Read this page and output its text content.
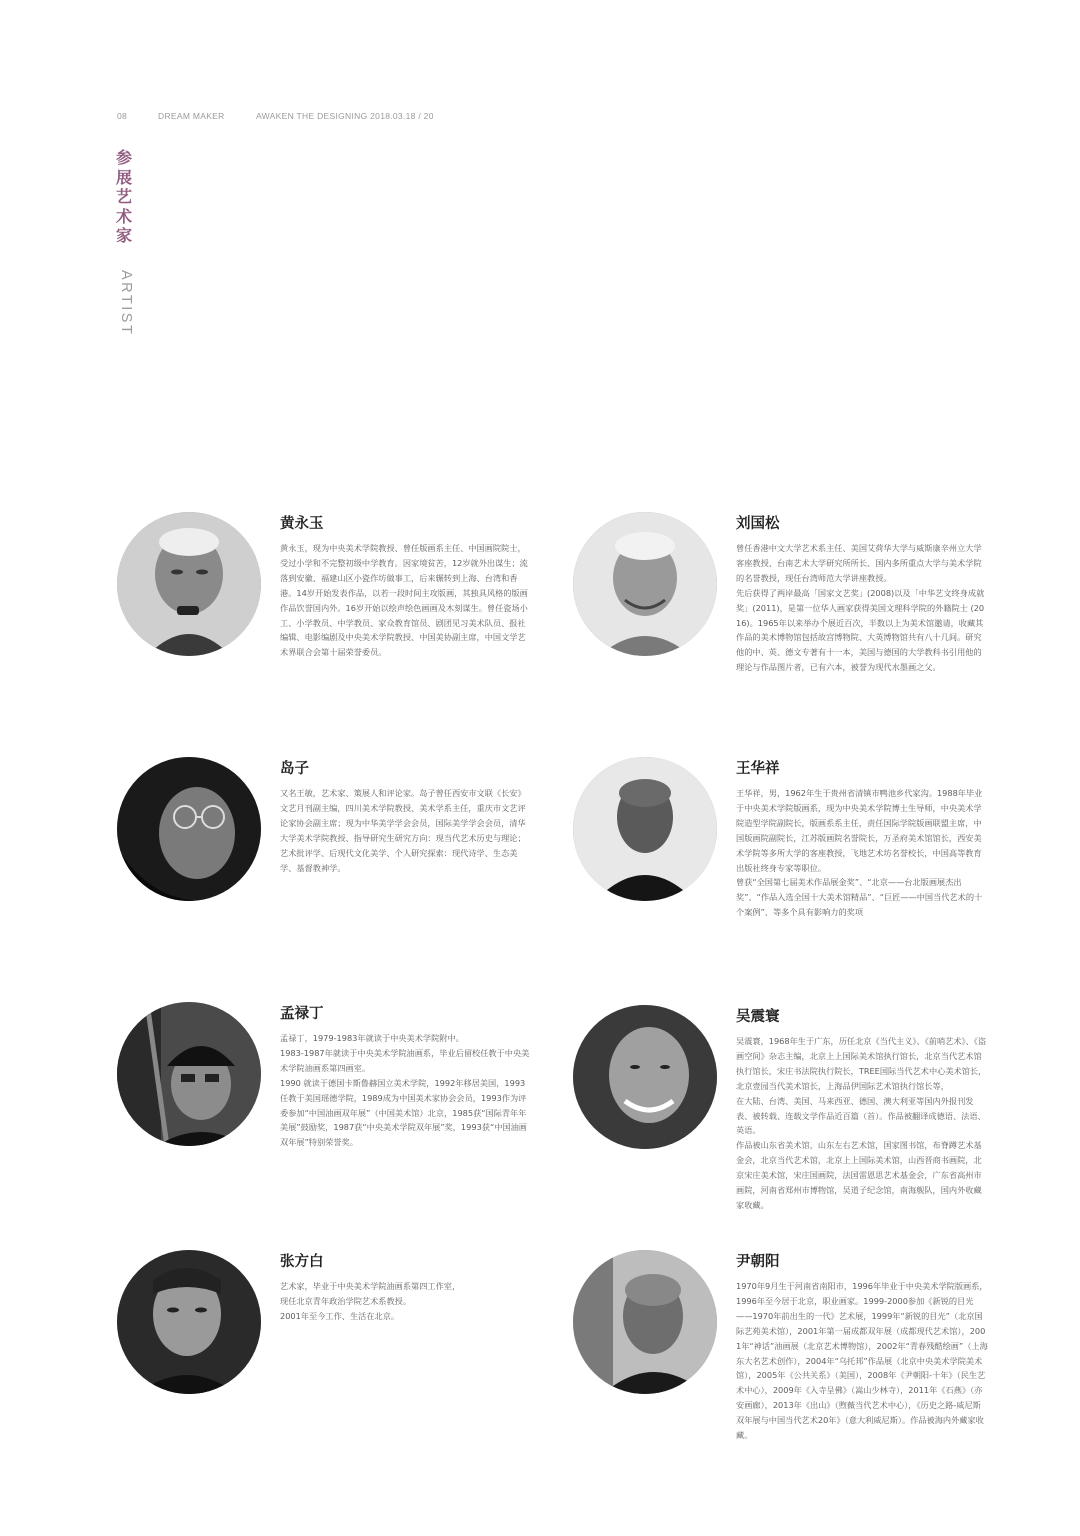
08	DREAM MAKER	AWAKEN THE DESIGNING 2018.03.18 / 20
参展艺术家
ARTIST
黄永玉

黄永玉，现为中央美术学院教授、曾任版画系主任、中国画院院士，受过小学和不完整初级中学教育。因家境贫苦，12岁就外出谋生；流落到安徽、福建山区小瓷作坊做事工，后来辗转到上海、台湾和香港。14岁开始发表作品，以若一段时间主攻版画，其独具风格的版画作品饮誉国内外。16岁开始以绘声绘色画画及木刻谋生。曾任瓷场小工、小学教员、中学教员、家众教育馆员、剧团见习美术队员、报社编辑、电影编剧及中央美术学院教授、中国美协副主席，中国文学艺术界联合会第十届荣誉委员。

刘国松

曾任香港中文大学艺术系主任、美国艾荷华大学与威斯康辛州立大学客座教授、台南艺术大学研究所所长、国内多所重点大学与美术学院的名誉教授，现任台湾师范大学讲座教授。

先后获得了两岸最高「国家文艺奖」(2008)以及「中华艺文终身成就奖」(2011)，是第一位华人画家获得美国文理科学院的外籍院士 (2016)。1965年以来举办个展近百次，半数以上为美术馆邀请，收藏其作品的美术博物馆包括故宫博物院、大英博物馆共有八十几间。研究他的中、英、德文专著有十一本，美国与德国的大学教科书引用他的理论与作品图片者，已有六本，被誉为现代水墨画之父。

岛子

又名王敏，艺术家、策展人和评论家。岛子曾任西安市文联《长安》文艺月刊副主编，四川美术学院教授、美术学系主任，重庆市文艺评论家协会副主席；现为中华美学学会会员，国际美学学会会员，清华大学美术学院教授、指导研究生研究方向：现当代艺术历史与理论；艺术批评学、后现代文化美学、个人研究探索：现代诗学、生态美学、基督教神学。

王华祥

王华祥，男，1962年生于贵州省清镇市鸭池乡代家沟。1988年毕业于中央美术学院版画系，现为中央美术学院博士生导师，中央美术学院造型学院副院长，版画系系主任，责任国际学院版画联盟主席，中国版画院副院长，江苏版画院名誉院长，万圣府美术馆馆长，西安美术学院等多所大学的客座教授，飞地艺术坊名誉校长，中国高等教育出版社终身专家等职位。

曾获“全国第七届美术作品展金奖”、“北京——台北版画展杰出奖”、“作品入选全国十大美术馆精品”、“巨匠——中国当代艺术的十个案例”、等多个具有影响力的奖项

孟禄丁

孟禄丁，1979-1983年就读于中央美术学院附中。

1983-1987年就读于中央美术学院油画系，毕业后留校任教于中央美术学院油画系第四画室。

1990 就读于德国卡斯鲁赫国立美术学院，1992年移居美国，1993 任教于美国瑶德学院，1989成为中国美术家协会会员，1993作为评委参加“中国油画双年展”（中国美术馆）北京，1985获“国际青年年美展”鼓励奖，1987获“中央美术学院双年展”奖，1993获“中国油画双年展”特别荣誉奖。

吴震寰

吴震寰，1968年生于广东，历任北京《当代主义》、《前哨艺术》、《盗画空间》杂志主编，北京上上国际美术馆执行馆长，北京当代艺术馆执行馆长，宋庄书法院执行院长，TREE国际当代艺术中心美术馆长，北京壹园当代美术馆长，上海品伊国际艺术馆执行馆长等，

在大陆、台湾、美国、马来西亚、德国、澳大利亚等国内外报刊发表、被转载、连载文学作品近百篇（首）。作品被翻译成德语、法语、英语。

作品被山东省美术馆，山东左右艺术馆，国家图书馆，布脊蹲艺术基金会，北京当代艺术馆，北京上上国际美术馆，山西晋商书画院，北京宋庄美术馆，宋庄国画院，法国雷恩思艺术基金会，广东省高州市画院，河南省郑州市博物馆，吴道子纪念馆，南海舰队，国内外收藏家收藏。

张方白

艺术家，毕业于中央美术学院油画系第四工作室，

现任北京青年政治学院艺术系教授。

2001年至今工作、生活在北京。

尹朝阳

1970年9月生于河南省南阳市，1996年毕业于中央美术学院版画系，1996年至今居于北京，职业画家。1999-2000参加《新锐的目光——1970年前出生的一代》艺术展，1999年“新锐的目光”（北京国际艺苑美术馆），2001年第一届成都双年展（成都现代艺术馆），2001年“神话”油画展（北京艺术博物馆），2002年“青春残酷绘画”（上海东大名艺术创作），2004年“乌托邦”作品展（北京中央美术学院美术馆），2005年《公共关系》（美国），2008年《尹朝阳-十年》（民生艺术中心），2009年《入寺呈佛》（嵩山少林寺），2011年《石燕》（亦安画廊），2013年《出山》（煦薇当代艺术中心），《历史之路-威尼斯双年展与中国当代艺术20年》（意大利威尼斯）。作品被海内外藏家收藏。
